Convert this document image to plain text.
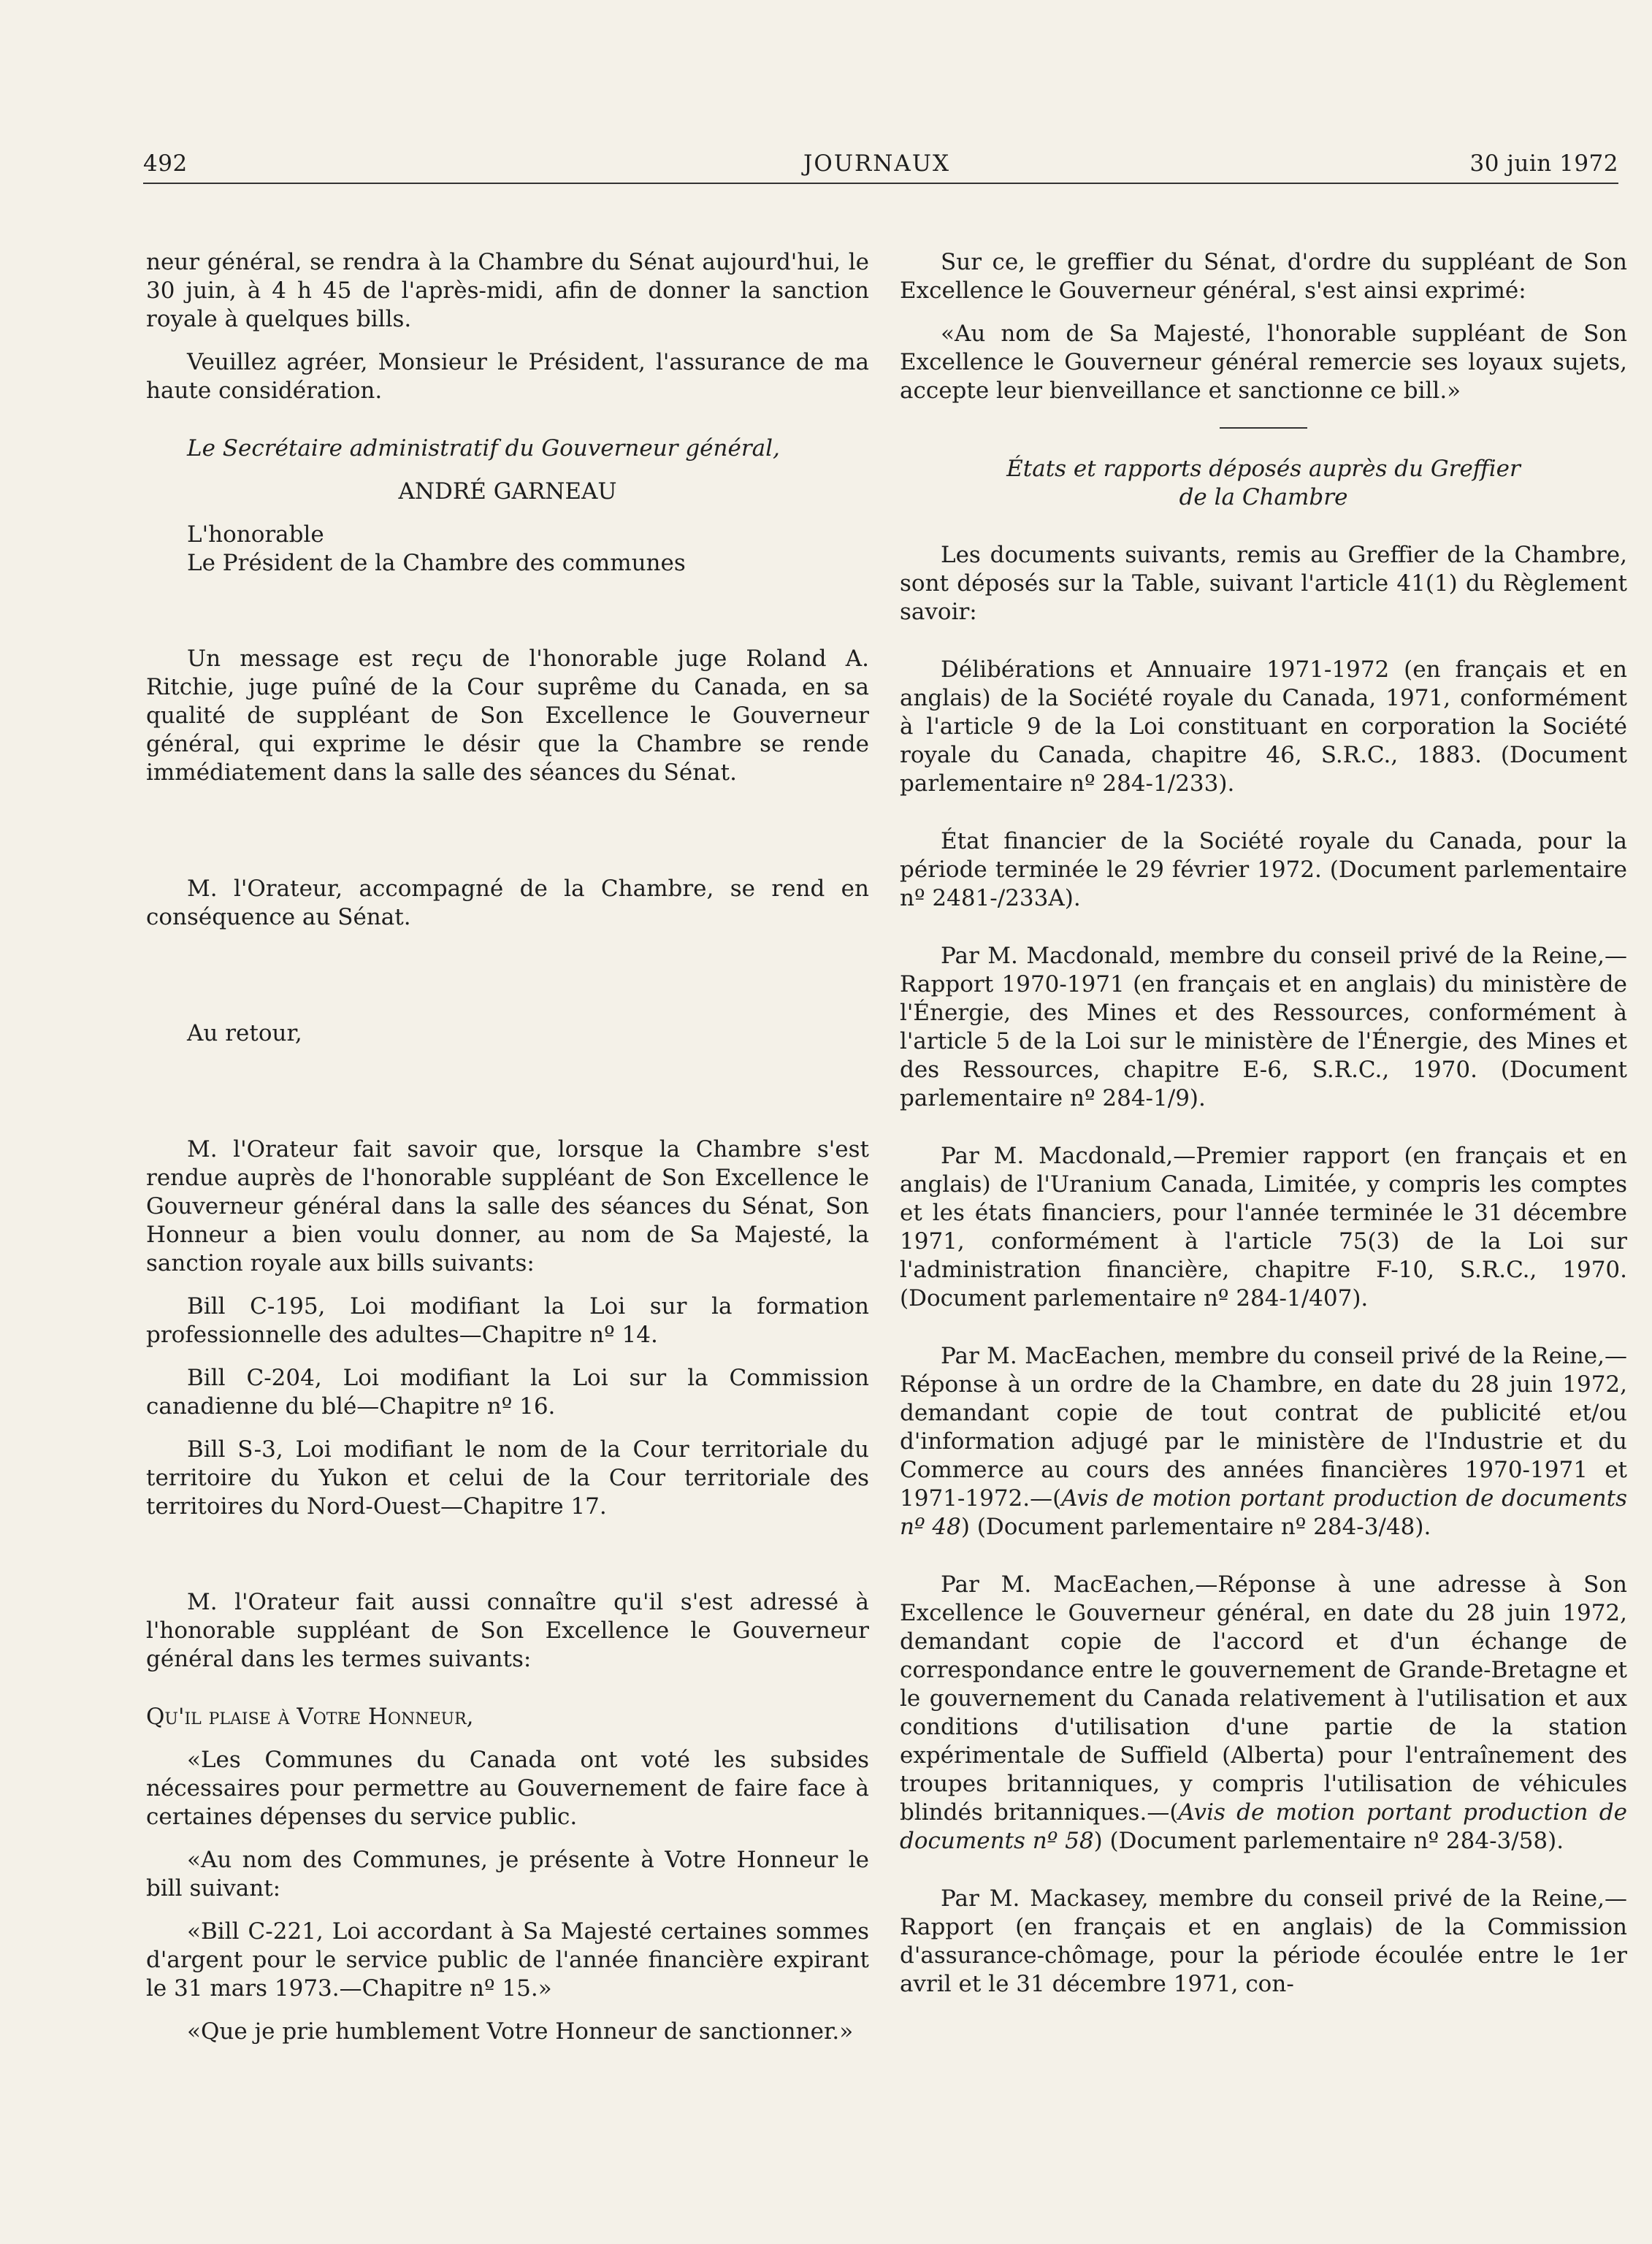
492	JOURNAUX	30 juin 1972

neur général, se rendra à la Chambre du Sénat aujourd'hui, le 30 juin, à 4 h 45 de l'après-midi, afin de donner la sanction royale à quelques bills.

Veuillez agréer, Monsieur le Président, l'assurance de ma haute considération.

Le Secrétaire administratif du Gouverneur général,

ANDRÉ GARNEAU

L'honorable

Le Président de la Chambre des communes

Un message est reçu de l'honorable juge Roland A. Ritchie, juge puîné de la Cour suprême du Canada, en sa qualité de suppléant de Son Excellence le Gouverneur général, qui exprime le désir que la Chambre se rende immédiatement dans la salle des séances du Sénat.

M. l'Orateur, accompagné de la Chambre, se rend en conséquence au Sénat.

Au retour,

M. l'Orateur fait savoir que, lorsque la Chambre s'est rendue auprès de l'honorable suppléant de Son Excellence le Gouverneur général dans la salle des séances du Sénat, Son Honneur a bien voulu donner, au nom de Sa Majesté, la sanction royale aux bills suivants:

Bill C-195, Loi modifiant la Loi sur la formation professionnelle des adultes—Chapitre nº 14.

Bill C-204, Loi modifiant la Loi sur la Commission canadienne du blé—Chapitre nº 16.

Bill S-3, Loi modifiant le nom de la Cour territoriale du territoire du Yukon et celui de la Cour territoriale des territoires du Nord-Ouest—Chapitre 17.

M. l'Orateur fait aussi connaître qu'il s'est adressé à l'honorable suppléant de Son Excellence le Gouverneur général dans les termes suivants:

Qu'il plaise à Votre Honneur,

«Les Communes du Canada ont voté les subsides nécessaires pour permettre au Gouvernement de faire face à certaines dépenses du service public.

«Au nom des Communes, je présente à Votre Honneur le bill suivant:

«Bill C-221, Loi accordant à Sa Majesté certaines sommes d'argent pour le service public de l'année financière expirant le 31 mars 1973.—Chapitre nº 15.»

«Que je prie humblement Votre Honneur de sanctionner.»

Sur ce, le greffier du Sénat, d'ordre du suppléant de Son Excellence le Gouverneur général, s'est ainsi exprimé:

«Au nom de Sa Majesté, l'honorable suppléant de Son Excellence le Gouverneur général remercie ses loyaux sujets, accepte leur bienveillance et sanctionne ce bill.»

États et rapports déposés auprès du Greffier

de la Chambre

Les documents suivants, remis au Greffier de la Chambre, sont déposés sur la Table, suivant l'article 41(1) du Règlement savoir:

Délibérations et Annuaire 1971-1972 (en français et en anglais) de la Société royale du Canada, 1971, conformément à l'article 9 de la Loi constituant en corporation la Société royale du Canada, chapitre 46, S.R.C., 1883. (Document parlementaire nº 284-1/233).

État financier de la Société royale du Canada, pour la période terminée le 29 février 1972. (Document parlementaire nº 2481-/233A).

Par M. Macdonald, membre du conseil privé de la Reine,—Rapport 1970-1971 (en français et en anglais) du ministère de l'Énergie, des Mines et des Ressources, conformément à l'article 5 de la Loi sur le ministère de l'Énergie, des Mines et des Ressources, chapitre E-6, S.R.C., 1970. (Document parlementaire nº 284-1/9).

Par M. Macdonald,—Premier rapport (en français et en anglais) de l'Uranium Canada, Limitée, y compris les comptes et les états financiers, pour l'année terminée le 31 décembre 1971, conformément à l'article 75(3) de la Loi sur l'administration financière, chapitre F-10, S.R.C., 1970. (Document parlementaire nº 284-1/407).

Par M. MacEachen, membre du conseil privé de la Reine,—Réponse à un ordre de la Chambre, en date du 28 juin 1972, demandant copie de tout contrat de publicité et/ou d'information adjugé par le ministère de l'Industrie et du Commerce au cours des années financières 1970-1971 et 1971-1972.—(Avis de motion portant production de documents nº 48) (Document parlementaire nº 284-3/48).

Par M. MacEachen,—Réponse à une adresse à Son Excellence le Gouverneur général, en date du 28 juin 1972, demandant copie de l'accord et d'un échange de correspondance entre le gouvernement de Grande-Bretagne et le gouvernement du Canada relativement à l'utilisation et aux conditions d'utilisation d'une partie de la station expérimentale de Suffield (Alberta) pour l'entraînement des troupes britanniques, y compris l'utilisation de véhicules blindés britanniques.—(Avis de motion portant production de documents nº 58) (Document parlementaire nº 284-3/58).

Par M. Mackasey, membre du conseil privé de la Reine,—Rapport (en français et en anglais) de la Commission d'assurance-chômage, pour la période écoulée entre le 1er avril et le 31 décembre 1971, con-
